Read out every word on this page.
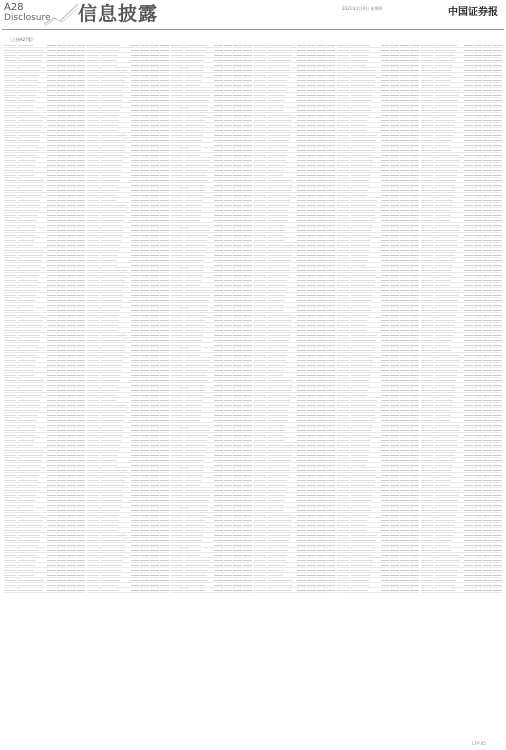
A28
Disclosure 信息披露	2021年2月4日 星期四	中国证券报
（上接A27版）
CFP 45
